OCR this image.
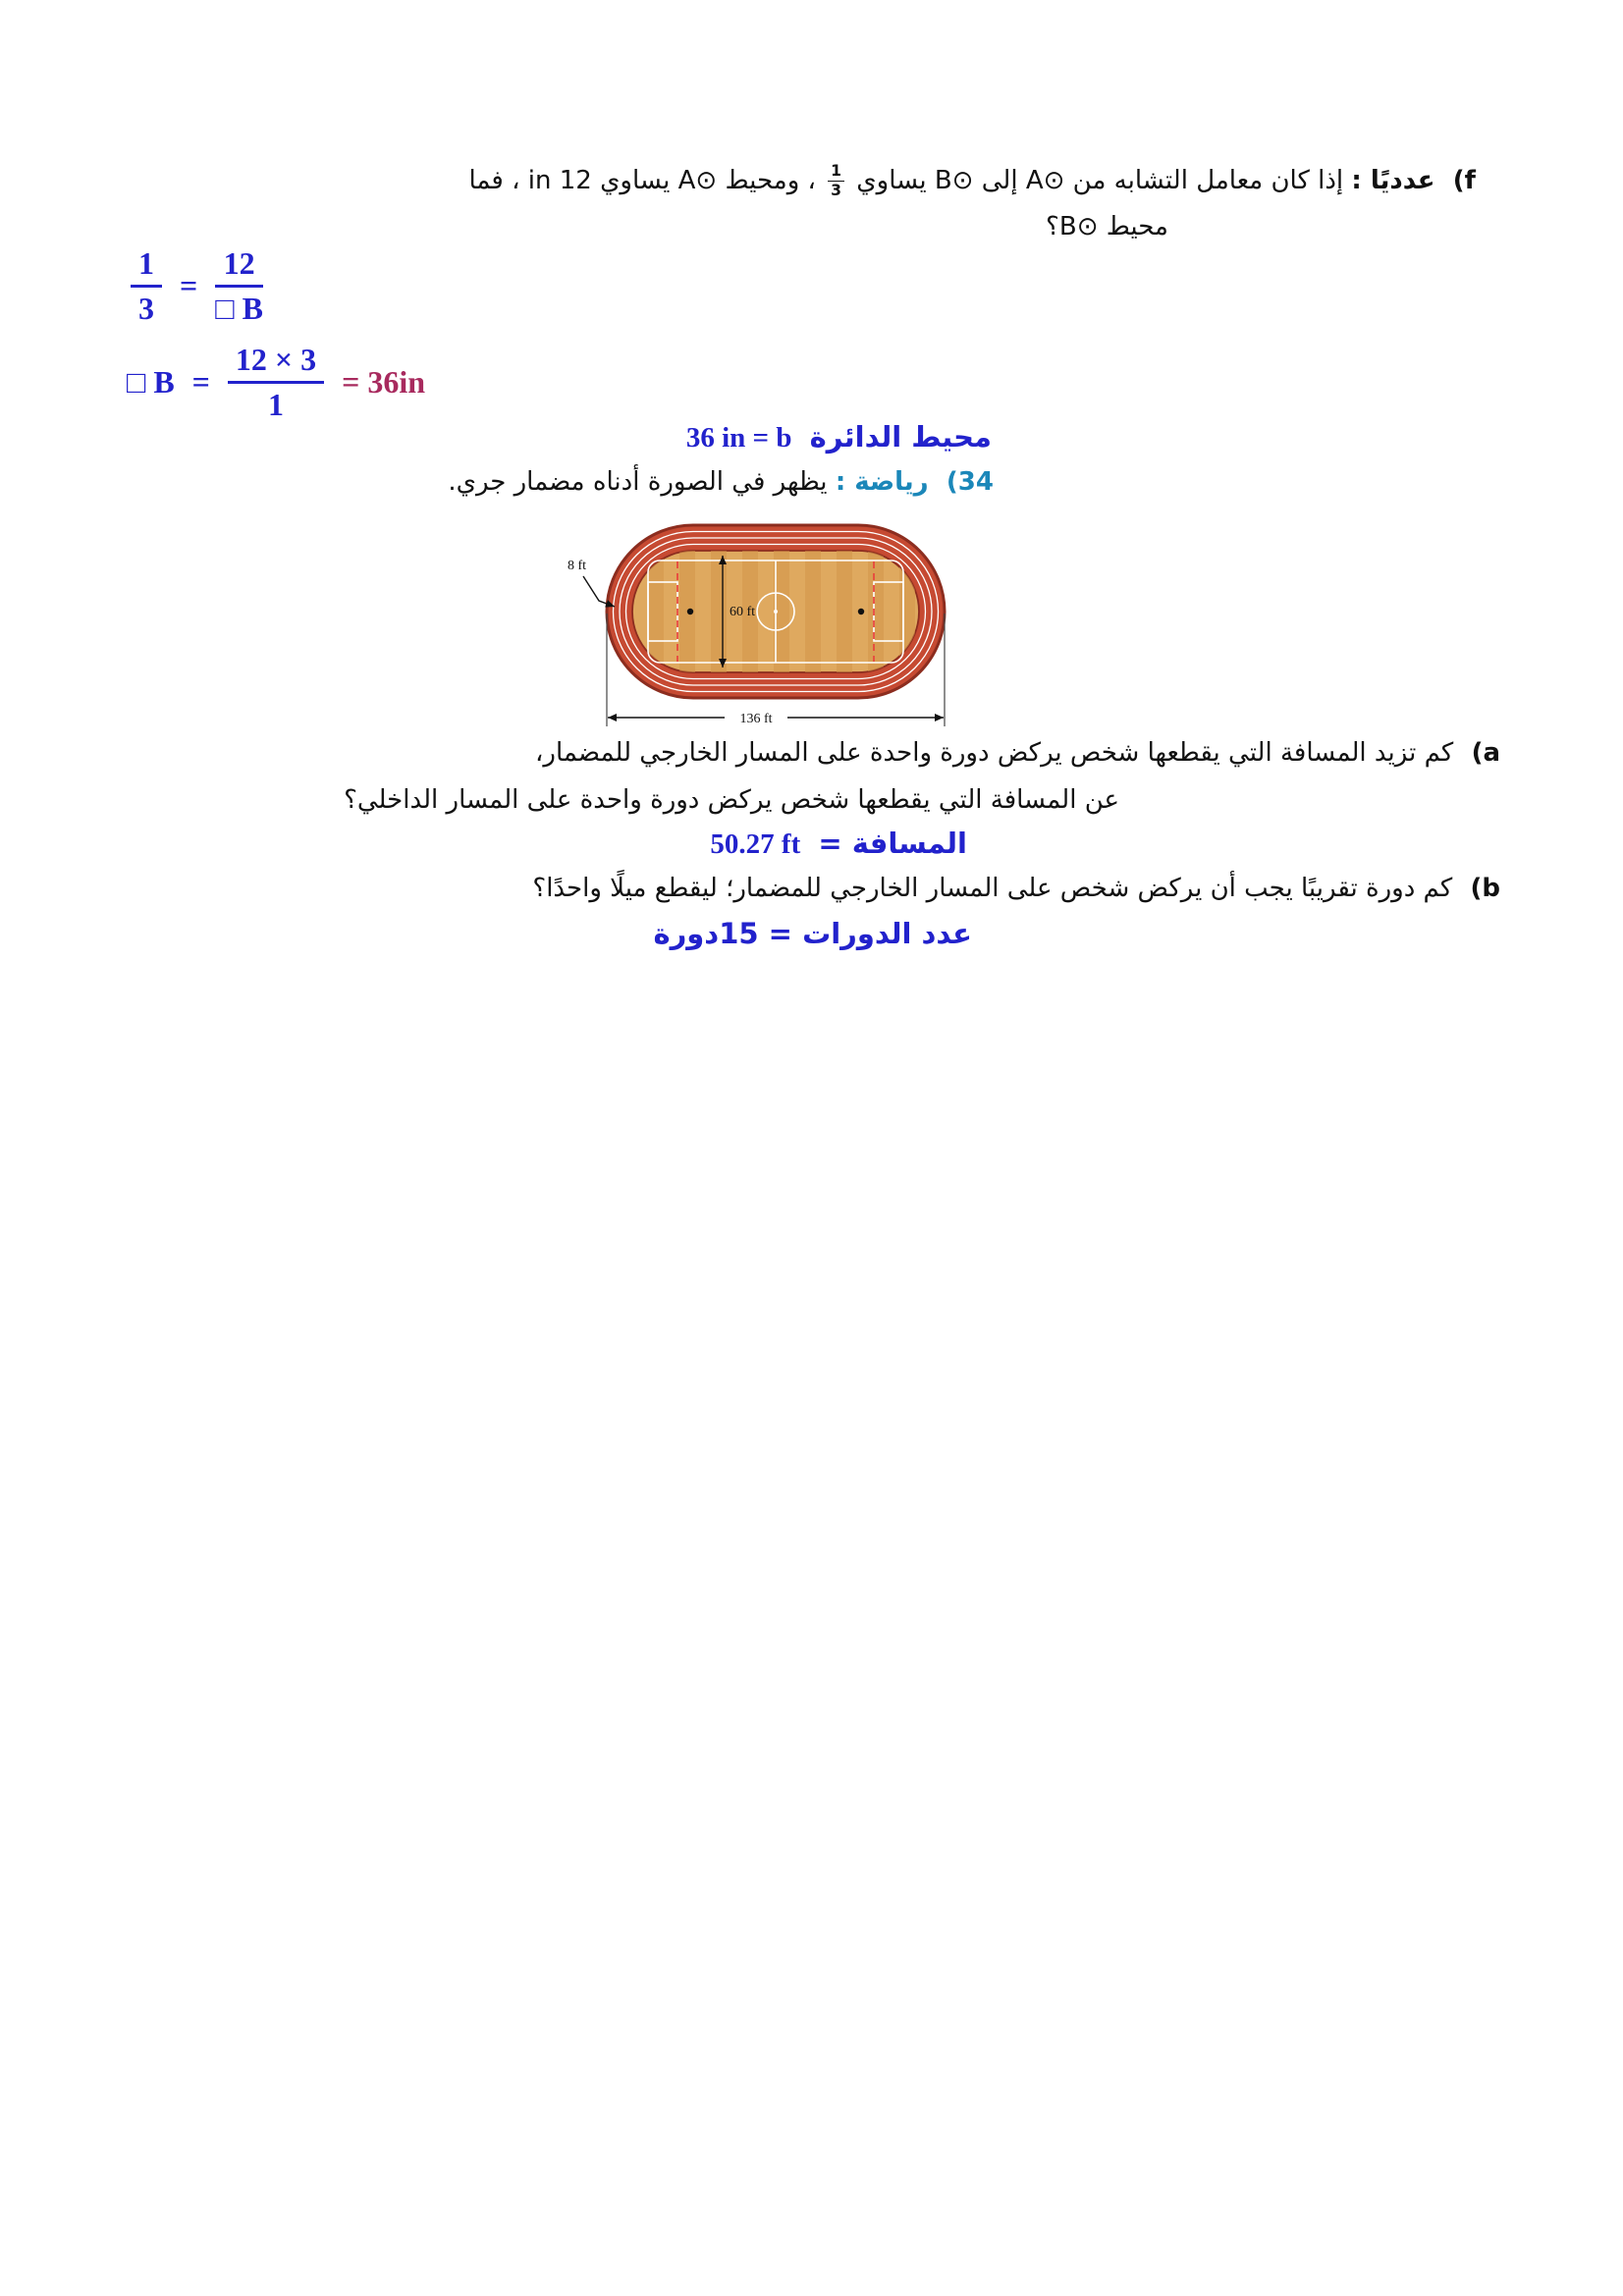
(f عدديًا : إذا كان معامل التشابه من ⊙A إلى ⊙B يساوي
$\frac{1}{3}$
، ومحيط ⊙A يساوي 12 in ، فما
محيط ⊙B؟
$\frac{1}{3} = \frac{12}{□ B}$
□ $B = \frac{12 \times 3}{1} = 36in$
محيط الدائرة 36 in = b
(34 رياضة : يظهر في الصورة أدناه مضمار جري.
60 ft
8 ft
136 ft
(a كم تزيد المسافة التي يقطعها شخص يركض دورة واحدة على المسار الخارجي للمضمار،
عن المسافة التي يقطعها شخص يركض دورة واحدة على المسار الداخلي؟
المسافة = 50.27 ft
(b كم دورة تقريبًا يجب أن يركض شخص على المسار الخارجي للمضمار؛ ليقطع ميلًا واحدًا؟
عدد الدورات = 15دورة
